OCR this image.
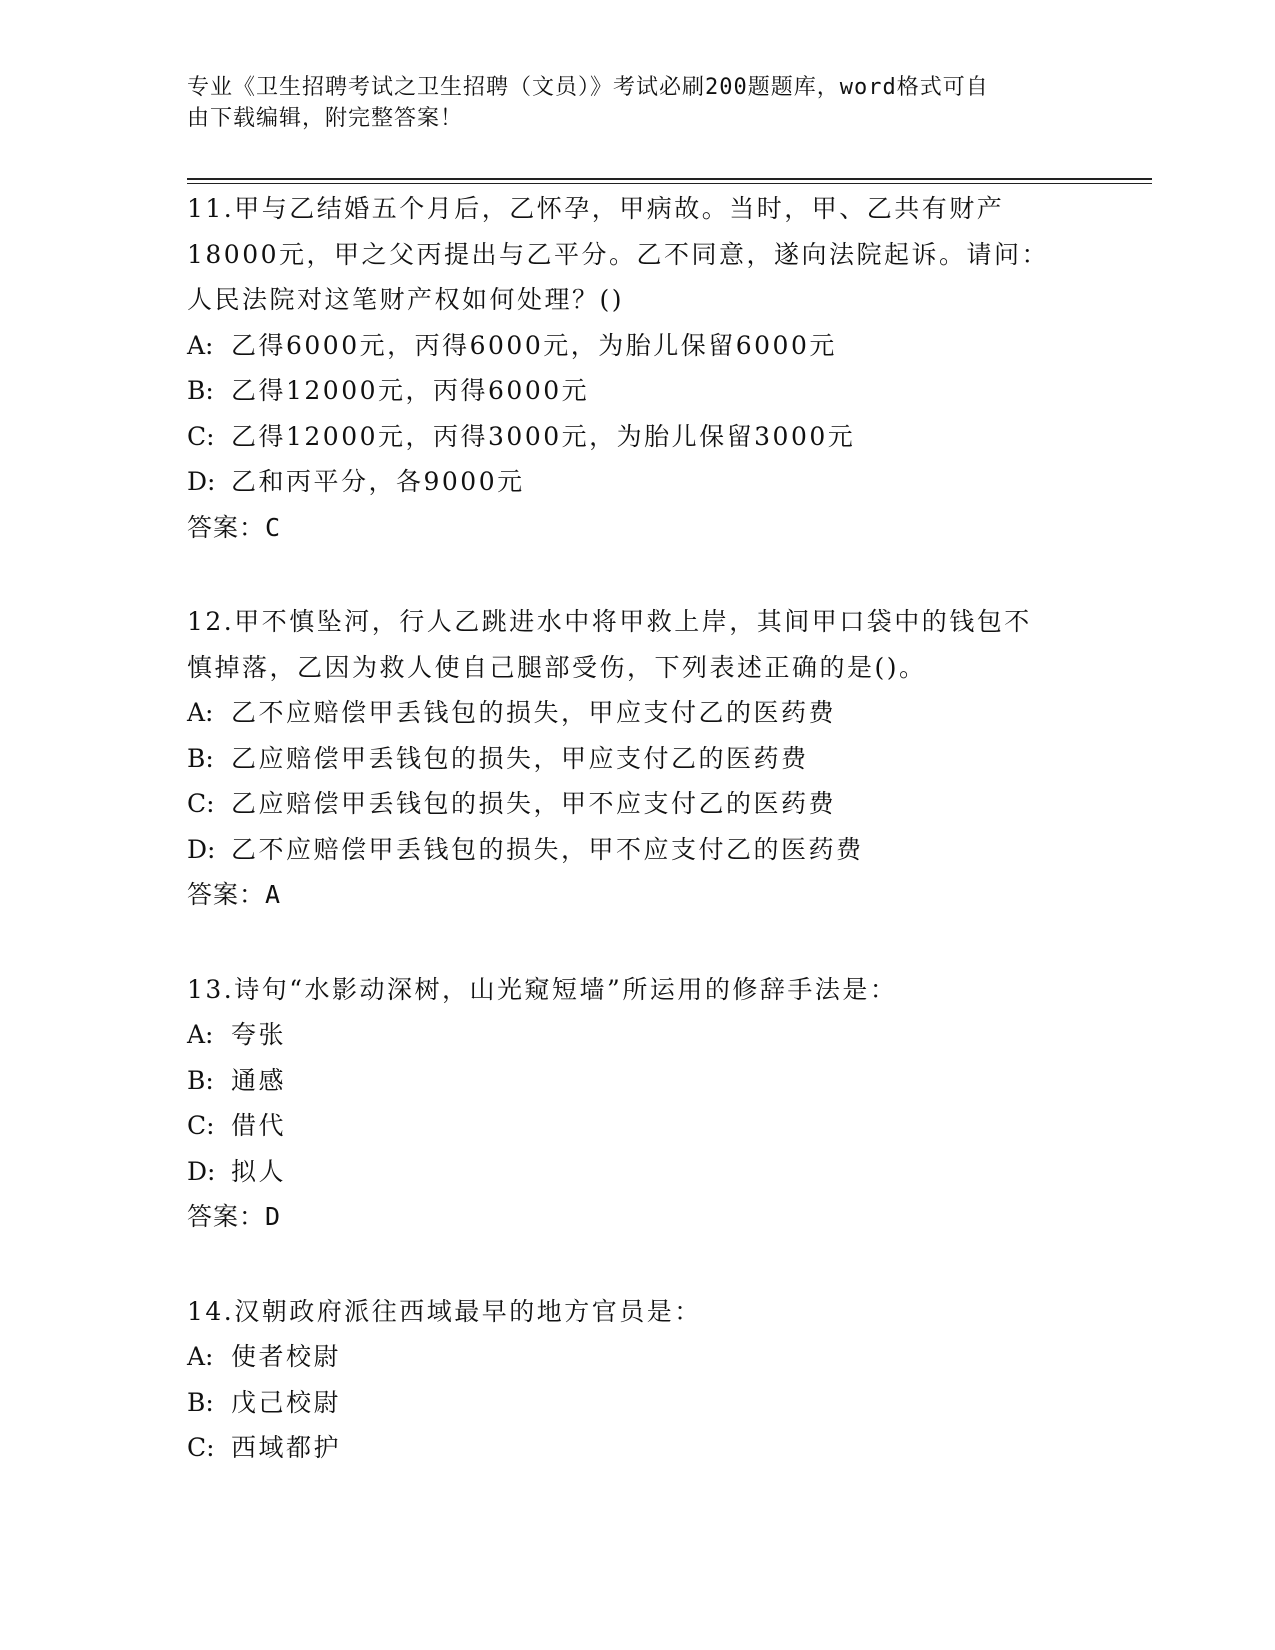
专业《卫生招聘考试之卫生招聘（文员）》考试必刷200题题库，word格式可自
由下载编辑，附完整答案！

11.甲与乙结婚五个月后，乙怀孕，甲病故。当时，甲、乙共有财产

18000元，甲之父丙提出与乙平分。乙不同意，遂向法院起诉。请问：

人民法院对这笔财产权如何处理？()

A: 乙得6000元，丙得6000元，为胎儿保留6000元

B: 乙得12000元，丙得6000元

C: 乙得12000元，丙得3000元，为胎儿保留3000元

D: 乙和丙平分，各9000元

答案：C

12.甲不慎坠河，行人乙跳进水中将甲救上岸，其间甲口袋中的钱包不

慎掉落，乙因为救人使自己腿部受伤，下列表述正确的是()。

A: 乙不应赔偿甲丢钱包的损失，甲应支付乙的医药费

B: 乙应赔偿甲丢钱包的损失，甲应支付乙的医药费

C: 乙应赔偿甲丢钱包的损失，甲不应支付乙的医药费

D: 乙不应赔偿甲丢钱包的损失，甲不应支付乙的医药费

答案：A

13.诗句“水影动深树，山光窥短墙”所运用的修辞手法是：

A: 夸张

B: 通感

C: 借代

D: 拟人

答案：D

14.汉朝政府派往西域最早的地方官员是：

A: 使者校尉

B: 戊己校尉

C: 西域都护
